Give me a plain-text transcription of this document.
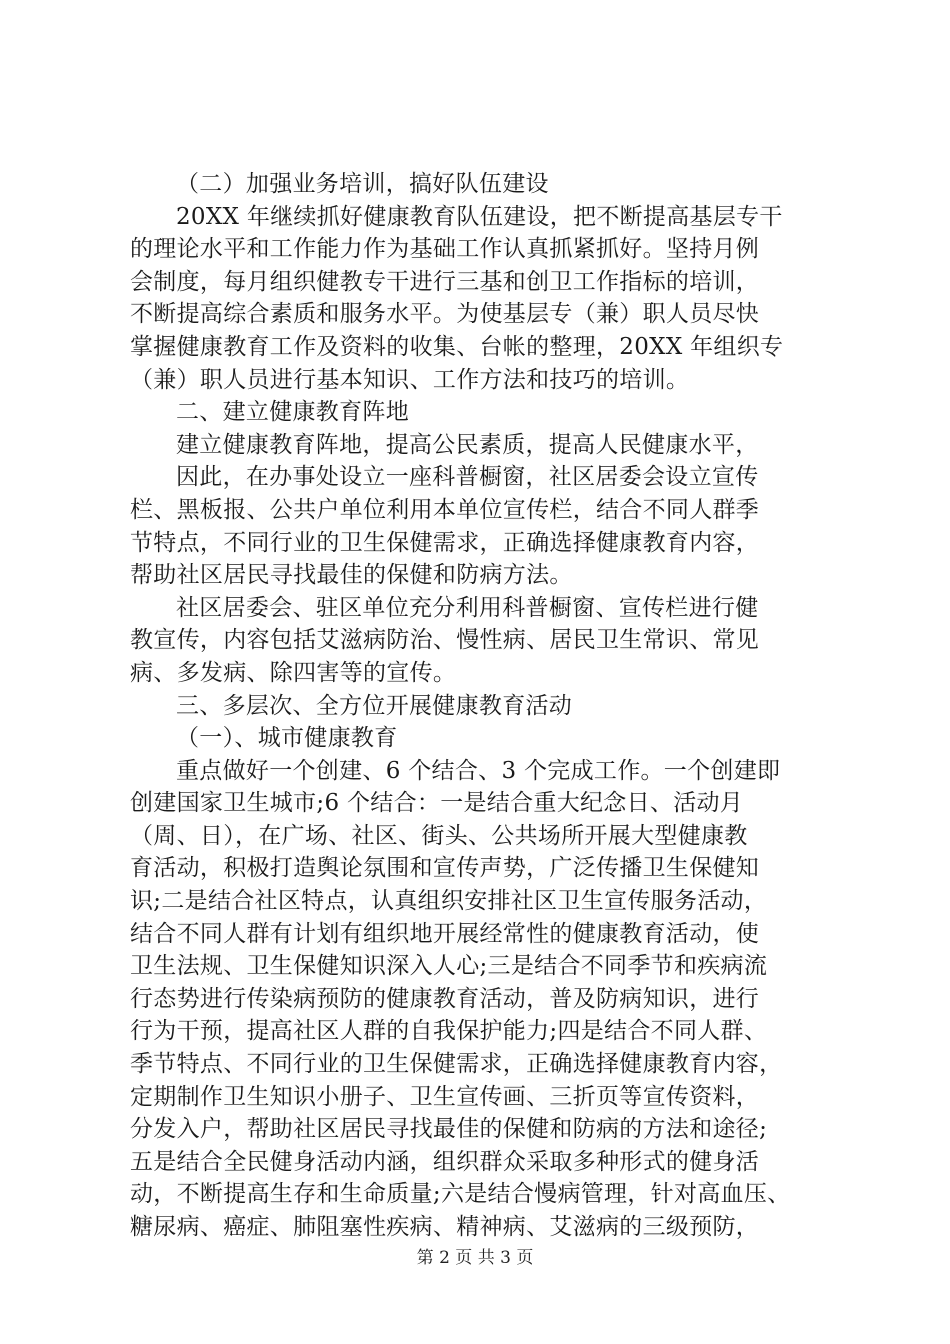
（二）加强业务培训，搞好队伍建设
20XX 年继续抓好健康教育队伍建设，把不断提高基层专干
的理论水平和工作能力作为基础工作认真抓紧抓好。坚持月例
会制度，每月组织健教专干进行三基和创卫工作指标的培训，
不断提高综合素质和服务水平。为使基层专（兼）职人员尽快
掌握健康教育工作及资料的收集、台帐的整理，20XX 年组织专
（兼）职人员进行基本知识、工作方法和技巧的培训。
二、建立健康教育阵地
建立健康教育阵地，提高公民素质，提高人民健康水平，
因此，在办事处设立一座科普橱窗，社区居委会设立宣传
栏、黑板报、公共户单位利用本单位宣传栏，结合不同人群季
节特点，不同行业的卫生保健需求，正确选择健康教育内容，
帮助社区居民寻找最佳的保健和防病方法。
社区居委会、驻区单位充分利用科普橱窗、宣传栏进行健
教宣传，内容包括艾滋病防治、慢性病、居民卫生常识、常见
病、多发病、除四害等的宣传。
三、多层次、全方位开展健康教育活动
（一）、城市健康教育
重点做好一个创建、6 个结合、3 个完成工作。一个创建即
创建国家卫生城市;6 个结合：一是结合重大纪念日、活动月
（周、日），在广场、社区、街头、公共场所开展大型健康教
育活动，积极打造舆论氛围和宣传声势，广泛传播卫生保健知
识;二是结合社区特点，认真组织安排社区卫生宣传服务活动，
结合不同人群有计划有组织地开展经常性的健康教育活动，使
卫生法规、卫生保健知识深入人心;三是结合不同季节和疾病流
行态势进行传染病预防的健康教育活动，普及防病知识，进行
行为干预，提高社区人群的自我保护能力;四是结合不同人群、
季节特点、不同行业的卫生保健需求，正确选择健康教育内容，
定期制作卫生知识小册子、卫生宣传画、三折页等宣传资料，
分发入户，帮助社区居民寻找最佳的保健和防病的方法和途径;
五是结合全民健身活动内涵，组织群众采取多种形式的健身活
动，不断提高生存和生命质量;六是结合慢病管理，针对高血压、
糖尿病、癌症、肺阻塞性疾病、精神病、艾滋病的三级预防，
第 2 页 共 3 页
